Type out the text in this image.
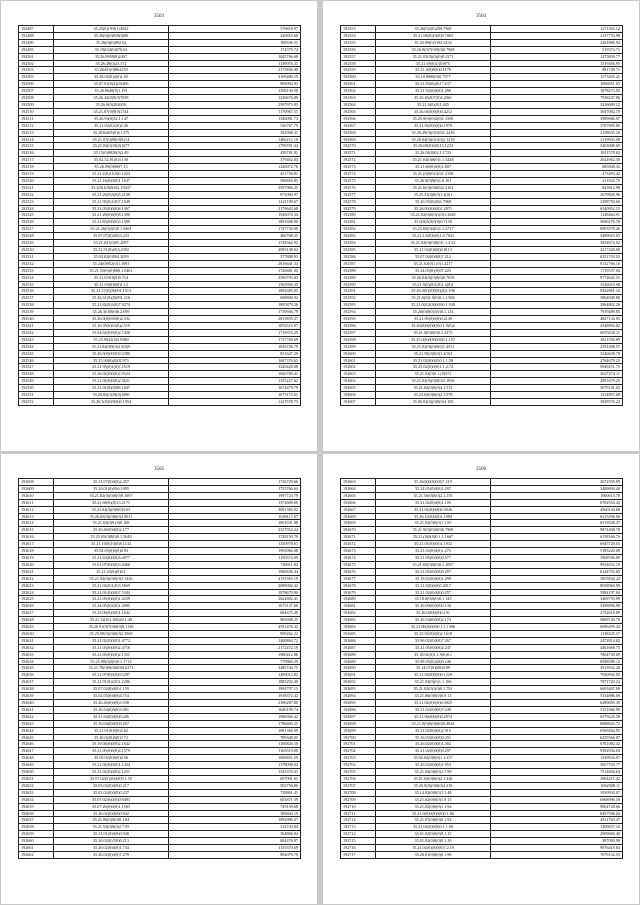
3503
192487	35.25(0)19/0(1)4922	576818.97
192488	35.26(0)(0)059(0)96	226810.60
192490	35.26(0)(0)092.62	188336.51
192495	35.19(0)4(0)070.63	174379.74
192501	35.26.9950(0)2467	1045766.68
192502	35.26.49(0)23.372	1159076.31
192503	35.26451(0)862239	2175836.90
192505	35.28.02(0)4(0)1.05	3109489.19
192506	35.07.01(0)21(0)406	909094.92
192507	35.26.9640(0)1.191	1396130.56
192508	35.26.42(0)9(0)7038	1236676.89
192509	35.26.0(0)2020(0)	2597973.83
192510	35.21.07(0)9(0)1744	1170967.51
192511	35.26.93(0)52.1.147	1346081.73
192512	35.21.02(0)2(0)2.26	536767.79
192513	35.2036405(0)6.1375	392908.31
192514	35.21.07(0)90(0)9214	1486212.19
192515	35.21.02(0)19(0)1677	1799781.44
192516	35.15(0)0020(0)2.49	459781.81
192517	35.02.52.81(0)3.138	379462.84
192518	35.26.99(0)0007.13	1226072.76
192519	35.21.2(0)11(0)0.1423	451758.81
192520	35.21.16(0)0(0)1.1637	506856.85
192521	35.2(0)1(0)0(0)2.19437	2597966.25
192522	35.21.26(0)3(0)5.2138	875000.97
192523	35.21.95(0)1(0)7.1049	1421199.67
192524	35.21.05(0)0(0)8.1367	2176643.68
192525	35.21.28(0)6(0)8.1396	1946074.34
192526	35.21.83(0)0(0)3.1399	1891608.80
192527	35.21.26(0)3(0)9.1.9461	1727736.90
192528	35.07.07(0)5(0)3.233	466768.35
192529	35.21.041(0)05.2097	1728364.92
192530	35.21.51(0)(0)3.2392	4995138.62
192531	35.03.02(0)904.2059	377888.93
192532	35.24(0)952(0)1.1991	2816641.34
192533	35.21.55(0)(0)800.1.0461	1726681.04
192534	35.21.0.810(0)9.714	2590793.83
192535	35.21.03(0)0(0)1.12	1563956.35
192536	35.21.37(0)(0)001.1513	1892685.85
192537	35.26.31(0)(0)091.216	608808.92
192538	35.21.82(0)3(0)7.9274	1895879.26
192539	35.26.3(0)0(0)6.2.099	1739946.79
192540	35.26.0(0)030(0)2.332	2815855.27
192541	35.16.39(0)63(0)2.519	1876519.07
192542	35.04.62(0)9(0)2.7450	1719374.29
192543	35.25.9042(0)5.9580	1737769.69
192544	35.21.02(0)9(0)2.5(0)9	1816726.79
192545	35.26.9(0)00(0)9.2380	831647.20
192546	35.25.90(0)(0)02.971	1687376.65
192547	35.21.95(0)1(0)7.1619	1220428.08
192548	35.26.02(0)0(0)2.9324	1826769.41
192549	35.21.02(0)0(0)2.5621	1355227.62
192550	35.21.01(0)(0)88.1847	1674479.79
192551	35.20.82(0)29(0)1896	1675172.01
192552	35.26.3(0)029(0)0.1954	1227678.73
3504
192553	35.26(0)2(0)209.7568	1271503.12
192554	35.21.68(0)10(0)9.7065	2137753.98
192555	35.24.09(0)3104.5432	2261886.94
192556	35.26.9(0)7(0)9(0)0.7968	519374.71
192557	35.21.03(0)(0)(0)0.1571	1275839.77
192558	35.21.69(0)1/(0)975	1519356.95
192559	35.21.0(0)8(0)0.1179	881749.71
192560	35.18.0880(0)0.7577	1573495.41
192561	35.21.03(0)(0)17.637	1006851.03
192562	35.21.92(0)0(0)1.286	1878273.83
192563	35.26.45(0)7(0)4.2061	7938247.86
192564	35.21.6(0)(0)1.445	3216689.12
192565	35.26.04(0)9(0)0.4212	3047002.19
192566	35.25.9(0)(0)2(0)1.1569	3989686.97
192567	35.21.02(0)0(0)0.1979	3707995.85
192568	35.26.49(0)(0)1(0)1.2418	2158035.18
192569	35.26.04(0)(0)1(0)2.1218	2119933.98
192570	35.26.08(0)0(0)13.1223	3463008.69
192571	35.26.04(0)02.1.1723	1811578.62
192572	35.21.04(0)0(0)1.1.3248	2624962.30
192573	35.21.60(0)0(0)1.807	685848.32
192574	35.21.(0)0(0)1(0)1.2158	475493.42
192575	35.26.0(0)9(0)1.0.161	211932.75
192576	35.21.6(0)(0)0(0)2.2161	843812.98
192577	35.25.41(0)0(0)1.2(0)1	2679826.96
192578	35.26.05(0)(0)6.7968	3298750.66
192579	35.26.00(0)0(0)1.2071	6540952.15
192580	35.21.02(0)0(0)1(0)1.3628	1148464.91
192581	35.0(0)3(0)5(0)0.7158	5690176.78
192582	35.25.02(0)2(0)1.1.2727	8903578.26
192583	35.21.1.0(0)0(0)1.0.7041	3489610.03
192584	35.21.02(0)(0)0(0)1.1.3.22	3834674.02
192585	35.21.02(0)0(0)0.8113	2217426.08
192586	35.07.02(0)0(0)7.212	6351703.52
192587	35.21.02(0)1.(0)1.2217	8132766.16
192588	35.24.05(0)(0)07.225	1719537.64
192589	35.26.04(0)(0)0(0)8.7658	9772642.53
192590	35.21.0(0)(0)1(0)1.2(0)1	3326019.08
192591	35.26.0(0)(0)0(0)(0)2.196	9442861.16
192592	35.21.6(0)1.0(0)0.1.1.968	3804949.86
192593	35.21.0(0)2(0)0(0)0.1.940	2964802.26
192594	35.26(0)0(0)1(0)0.1.133	7919489.05
192595	35.21.05(0)0(0)0.2139	4827134.03
192596	35.26(0)0(0)0(0)0.1.9(0)2	4348994.82
192597	35.21.0(0)0(0)0.1.2475	6970230.11
192598	35.25.0(0)0(0)0(0)0.1.157	3811550.89
192599	35.21.02(0)(0)0(0)1.4551	2591498.57
192600	35.21.58(0)0(0)1.2(0)3	3346638.79
192601	35.21.02(0)0(0)0.1.1.58	2764679.23
192602	35.25.02(0)0(0)1.1.2.72	5949251.75
192603	35.21.02(0)0.1.(0)972	2627274.11
192604	35.21.02(0)(0)0(0)3.1956	2891679.25
192605	35.21.02(0)0(0)4.1.572	3079141.02
192606	35.24.02(0)0(0)2.1.978	1214857.08
192607	35.06.02(0)(0)0(0)4.105	3828576.24
3505
192608	35.21.07(0)0(0)2.457	1726729.66
192609	35.26.01(0)(0)6.1995	1755766.64
192610	35.21.02(0)(0)0(0)9.1097	1997723.79
192611	35.21.68(0)(0)13.2171	1372608.00
192612	35.21.02(0)(0)0(0)5.65	3091382.02
192613	35.26.65(0)(0)0(0)3.9011	1028117.07
192614	35.21.02(0)9.(0)0.108	1801631.80
192615	35.26.46(0)0(0)2.177	2337954.24
192616	35.25.05(0)8(0)0.1.5649	1728150.79
192617	35.21.10(0)10(0)8.1144	1350978.61
192618	35.02.05(0)0(0)0.93	1993066.08
192619	35.21.63(0)0(0)3.4077	1150374.09
192620	35.01.07(0)0(0)3.0466	748011.84
192621	35.21.02(0)(0)0.1	1960636.44
192622	35.21.04(0)(0)0(0)3.1426	2155365.19
192623	35.21.04(0)1(0)3.5669	2689002.42
192624	35.21.01(0)0(0)7.5344	1978679.90
192625	35.21.05(0)0(0)1.0239	2622692.41
192626	35.24.05(0)2(0)1.4985	1675137.66
192627	35.25.06(0)0(0)1.1642	684675.40
192628	35.21.32(0)1.0(0)20.1.40	965948.25
192629	35.26.91(0)7(0)0(0)8.1136	2591476.32
192630	35.25.09(0)(0)0(0)2.2969	999262.22
192631	35.21.02(0)0(0)1.4772	1460864.72
192632	35.21.03(0)0(0)2.4716	2172472.19
192633	35.21.03(0)0(0)2.1351	1980412.86
192634	35.25.90(0)2(0)0.1.1714	779860.29
192635	35.21.70(0)9(0)0(0)0.6271	3285744.75
192636	35.21.07(0)9(0)0.5297	1499012.82
192637	35.21.91(0)2(0)1.2296	1885292.49
192638	35.07.02(0)0(0)1.159	1994797.15
192639	35.02.05(0)0(0)4.754	1918372.42
192640	35.26.46(0)0(0)3.938	2396287.80
192641	35.26.54(0)0(0)3.901	1640109.74
192642	35.21.64(0)0(0)0.206	1968366.42
192643	35.16.04(0)0(0)9.267	1796660.25
192644	35.21.01(0)0(0)3.62	1081366.99
192645	35.26.02(0)0(0)3.72	789348.05
192646	35.19.04(0)0(0)2.1642	1166826.30
192647	35.21.05(0)0(0)4.1579	1165519.00
192648	35.05.02(0)0(0)0.96	1066851.59
192649	35.21.02(0)0(0)1.1424	1378098.04
192650	35.21.02(0)0(0)2.1251	1325376.41
192651	35.07.02(0)(0)0(0)9.1.55	697001.01
192652	35.03.02(0)0(0)0.217	503756.86
192653	35.02.02(0)0(0)0.237	728861.41
192654	35.07.02(0)0(0)0.9493	603871.39
192655	35.07.26(0)0(0)1.1563	729159.68
192656	35.26.02(0)0(0)0.942	399604.19
192657	35.21.06(0)0(0)0.1.84	1092996.07
192658	35.21.52(0)0(0)2.7.95	314744.84
192659	35.21.01(0)0(0)0.948	364806.84
192660	35.26.02(0)7(0)0.213	684476.07
192661	35.26.02(0)0(0)1.734	1155370.69
192662	35.26.02(0)0(0)7.278	894079.79
3506
192663	35.26(0)0(0)0(0)7.219	2672595.99
192664	35.24.05(0)0(0)1.297	3489894.40
192665	35.21.56(0)0(0)2.1.155	1060615.78
192666	35.21.02(0)0(0)1.105	6782554.43
192667	35.21.02(0)0(0)0.3026	4560144.66
192668	35.26.10(0)0(0)1.1984	6215296.06
192669	35.21.02(0)0(0)1.1.85	6519528.47
192670	35.21.9(0)(0)0(0)0.7900	9874498.78
192671	35.21.(0)0(0)0.1.1.1667	6158166.76
192672	35.21.01(0)0(0)1.1932	6945729.03
192673	35.21.02(0)0(0)1.275	5185220.69
192674	35.21.05(0)0(0)0.577	3968556.89
192675	35.21.02(0)0(0)0.1.1097	9934652.19
192676	35.21.05(0)0(0)0.297	6144702.85
192677	35.18.02(0)0(0)1.290	3855844.24
192678	35.21.0(0)0(0)0.2017	8058960.99
192679	35.21.02(0)0(0)0.257	5984197.84
192680	35.18.0(0)0(0)0.1.143	3469759.99
192681	35.26.09(0)0(0)0.136	3298896.98
192682	35.26.0(0)0(0)0.191	2752618.89
192683	35.26.54(0)0(0)2.174	5809740.70
192684	35.21.06(0)0(0)0.1.1.1306	6096495.44
192685	35.25.02(0)0(0)2.1618	1138425.37
192686	35.96.02(0)0(0)7.267	2472814.82
192687	35.21.05(0)0(0)2.247	4461668.75
192688	35.18.02(0)1.1.9(0)0.1	7864730.69
192689	35.98.05(0)2(0)0.246	8398589.12
192690	35.14.07(0)0(0)0.99	3913932.26
192691	35.21.02(0)0(0)0.1229	7930902.83
192692	35.21.02(0)(0)1.1.166	7871720.24
192693	35.21.02(0)1(0)0.1.791	6693407.90
192694	35.21.06(0)0(0)0.9.13	5334886.08
192695	35.21.02(0)0(0)0.3025	6289659.39
192696	35.21.02(0)0(0)7.249	5151066.99
192697	35.21.06(0)0(0)0.2974	6379225.58
192698	35.21.0(0)0(0)0(0)0.4044	8688843.72
192699	35.21.02(0)0(0)2.915	6569264.95
192700	35.16.03(0)0(0)0.251	6255566.87
192701	35.26.02(0)0(0)1.402	6781082.42
192702	35.21.02(0)0(0)0.297	9392934.04
192703	35.02.02(0)0(0)1.1.257	1339934.97
192704	35.26.02(0)0(0)1.953	5657703.77
192705	35.21.04(0)0(0)1.7.99	7514694.64
192706	35.01.02(0)0(0)2.1.426	2904415.42
192707	35.26.0(0)(0)0(0)4.218	1062908.11
192708	35.14.02(0)0(0)1.1.48	3939934.97
192709	35.21.02(0)0(0)1.9.15	6968996.59
192710	35.21.02(0)0(0)1.1.92	9064728.66
192711	35.21.0(0)0(0)0(0)0.1.86	8497598.04
192712	35.21.07(0)0(0)0.1.92	4531763.47
192713	35.21.04(0)0(0)0.1.1.06	1209657.16
192714	35.61.02(0)0(0)0.1.15	2909684.40
192715	35.01.02(0)0(0)0.1.16	387093.90
192716	35.21.02(0)(0)0(0)7.2.19	9976419.84
192717	35.26.01(0)0(0)0.1.98	7079132.53
